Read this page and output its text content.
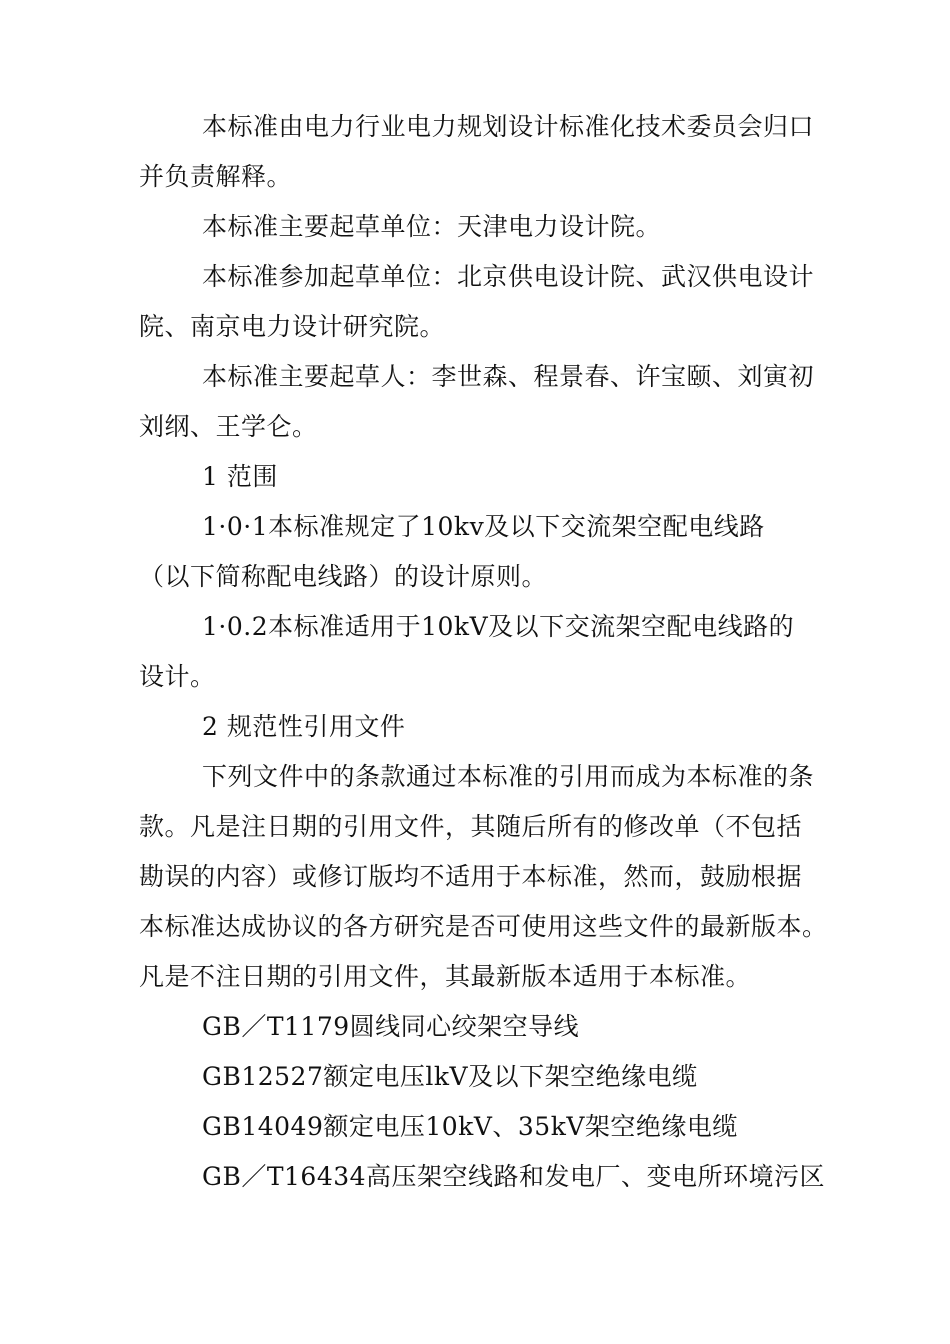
本标准由电力行业电力规划设计标准化技术委员会归口
并负责解释。
本标准主要起草单位：天津电力设计院。
本标准参加起草单位：北京供电设计院、武汉供电设计
院、南京电力设计研究院。
本标准主要起草人：李世森、程景春、许宝颐、刘寅初
刘纲、王学仑。
1 范围
1·0·1本标准规定了10kv及以下交流架空配电线路
（以下简称配电线路）的设计原则。
1·0.2本标准适用于10kV及以下交流架空配电线路的
设计。
2 规范性引用文件
下列文件中的条款通过本标准的引用而成为本标准的条
款。凡是注日期的引用文件，其随后所有的修改单（不包括
勘误的内容）或修订版均不适用于本标准，然而，鼓励根据
本标准达成协议的各方研究是否可使用这些文件的最新版本。
凡是不注日期的引用文件，其最新版本适用于本标准。
GB／T1179圆线同心绞架空导线
GB12527额定电压lkV及以下架空绝缘电缆
GB14049额定电压10kV、35kV架空绝缘电缆
GB／T16434高压架空线路和发电厂、变电所环境污区
